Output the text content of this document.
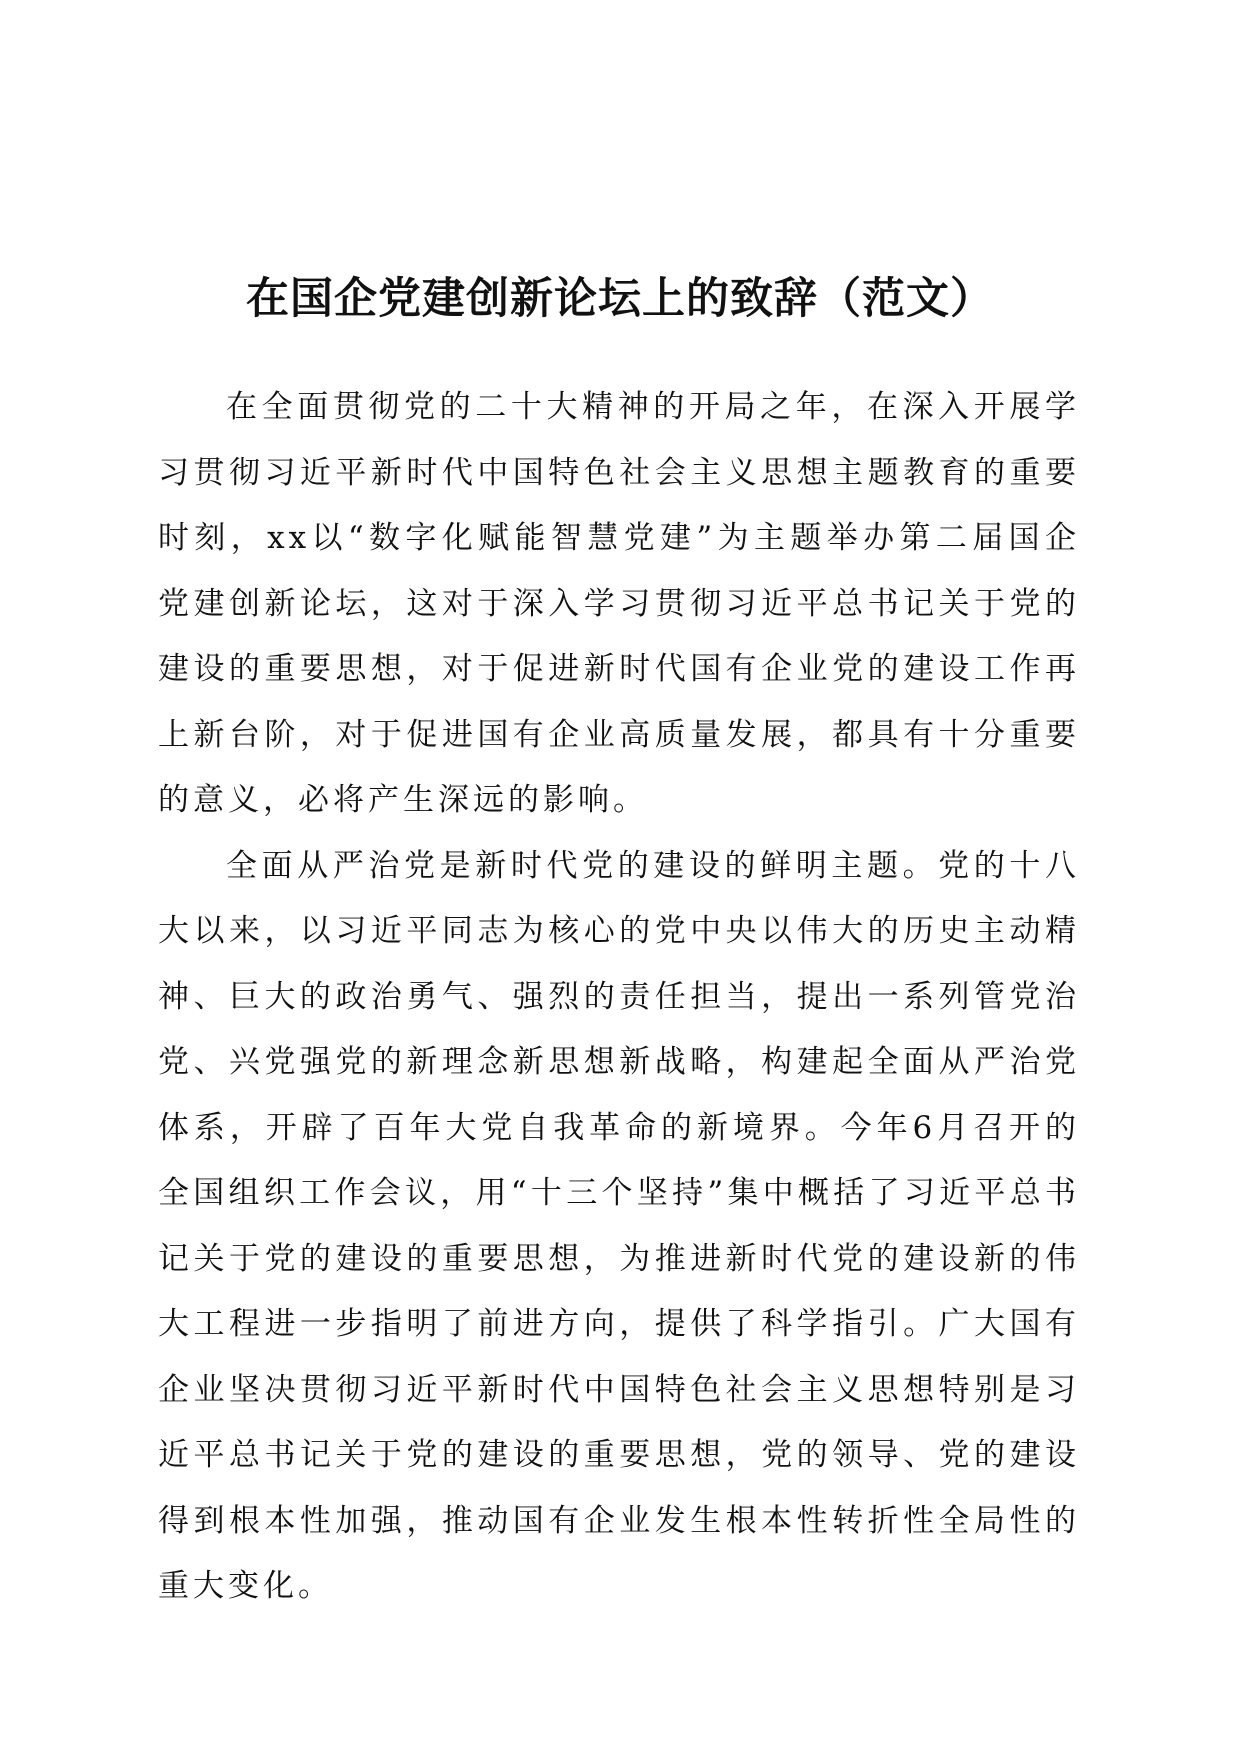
在国企党建创新论坛上的致辞（范文）

在全面贯彻党的二十大精神的开局之年，在深入开展学习贯彻习近平新时代中国特色社会主义思想主题教育的重要时刻，xx以“数字化赋能智慧党建”为主题举办第二届国企党建创新论坛，这对于深入学习贯彻习近平总书记关于党的建设的重要思想，对于促进新时代国有企业党的建设工作再上新台阶，对于促进国有企业高质量发展，都具有十分重要的意义，必将产生深远的影响。

全面从严治党是新时代党的建设的鲜明主题。党的十八大以来，以习近平同志为核心的党中央以伟大的历史主动精神、巨大的政治勇气、强烈的责任担当，提出一系列管党治党、兴党强党的新理念新思想新战略，构建起全面从严治党体系，开辟了百年大党自我革命的新境界。今年6月召开的全国组织工作会议，用“十三个坚持”集中概括了习近平总书记关于党的建设的重要思想，为推进新时代党的建设新的伟大工程进一步指明了前进方向，提供了科学指引。广大国有企业坚决贯彻习近平新时代中国特色社会主义思想特别是习近平总书记关于党的建设的重要思想，党的领导、党的建设得到根本性加强，推动国有企业发生根本性转折性全局性的重大变化。
